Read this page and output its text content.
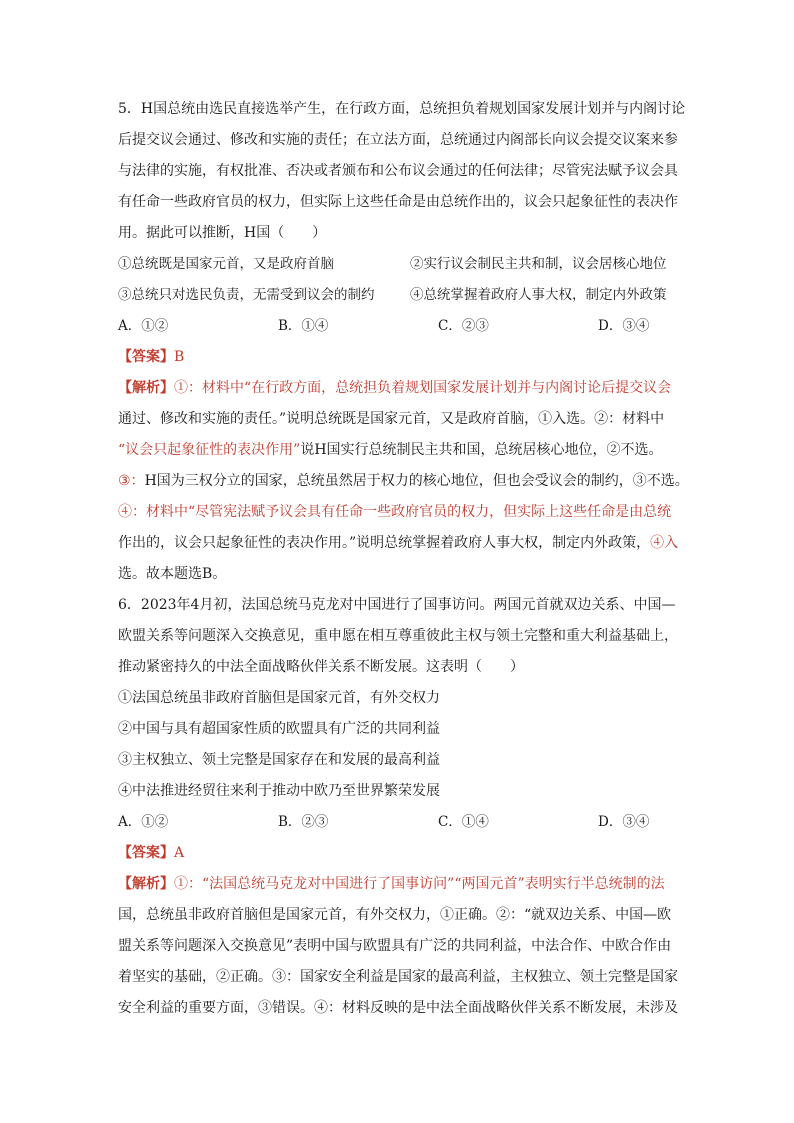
5．H国总统由选民直接选举产生，在行政方面，总统担负着规划国家发展计划并与内阁讨论
后提交议会通过、修改和实施的责任；在立法方面，总统通过内阁部长向议会提交议案来参
与法律的实施，有权批准、否决或者颁布和公布议会通过的任何法律；尽管宪法赋予议会具
有任命一些政府官员的权力，但实际上这些任命是由总统作出的，议会只起象征性的表决作
用。据此可以推断，H国（　　）
①总统既是国家元首，又是政府首脑	②实行议会制民主共和制，议会居核心地位
③总统只对选民负责，无需受到议会的制约	④总统掌握着政府人事大权，制定内外政策
A．①②	B．①④	C．②③	D．③④
【答案】B
【解析】①：材料中“在行政方面，总统担负着规划国家发展计划并与内阁讨论后提交议会
通过、修改和实施的责任。”说明总统既是国家元首，又是政府首脑，①入选。②：材料中
“议会只起象征性的表决作用”说H国实行总统制民主共和国，总统居核心地位，②不选。
③：H国为三权分立的国家，总统虽然居于权力的核心地位，但也会受议会的制约，③不选。
④：材料中“尽管宪法赋予议会具有任命一些政府官员的权力，但实际上这些任命是由总统
作出的，议会只起象征性的表决作用。”说明总统掌握着政府人事大权，制定内外政策，④入
选。故本题选B。
6．2023年4月初，法国总统马克龙对中国进行了国事访问。两国元首就双边关系、中国—
欧盟关系等问题深入交换意见，重申愿在相互尊重彼此主权与领土完整和重大利益基础上，
推动紧密持久的中法全面战略伙伴关系不断发展。这表明（　　）
①法国总统虽非政府首脑但是国家元首，有外交权力
②中国与具有超国家性质的欧盟具有广泛的共同利益
③主权独立、领土完整是国家存在和发展的最高利益
④中法推进经贸往来利于推动中欧乃至世界繁荣发展
A．①②	B．②③	C．①④	D．③④
【答案】A
【解析】①：“法国总统马克龙对中国进行了国事访问”“两国元首”表明实行半总统制的法
国，总统虽非政府首脑但是国家元首，有外交权力，①正确。②：“就双边关系、中国—欧
盟关系等问题深入交换意见”表明中国与欧盟具有广泛的共同利益，中法合作、中欧合作由
着坚实的基础，②正确。③：国家安全利益是国家的最高利益，主权独立、领土完整是国家
安全利益的重要方面，③错误。④：材料反映的是中法全面战略伙伴关系不断发展，未涉及
